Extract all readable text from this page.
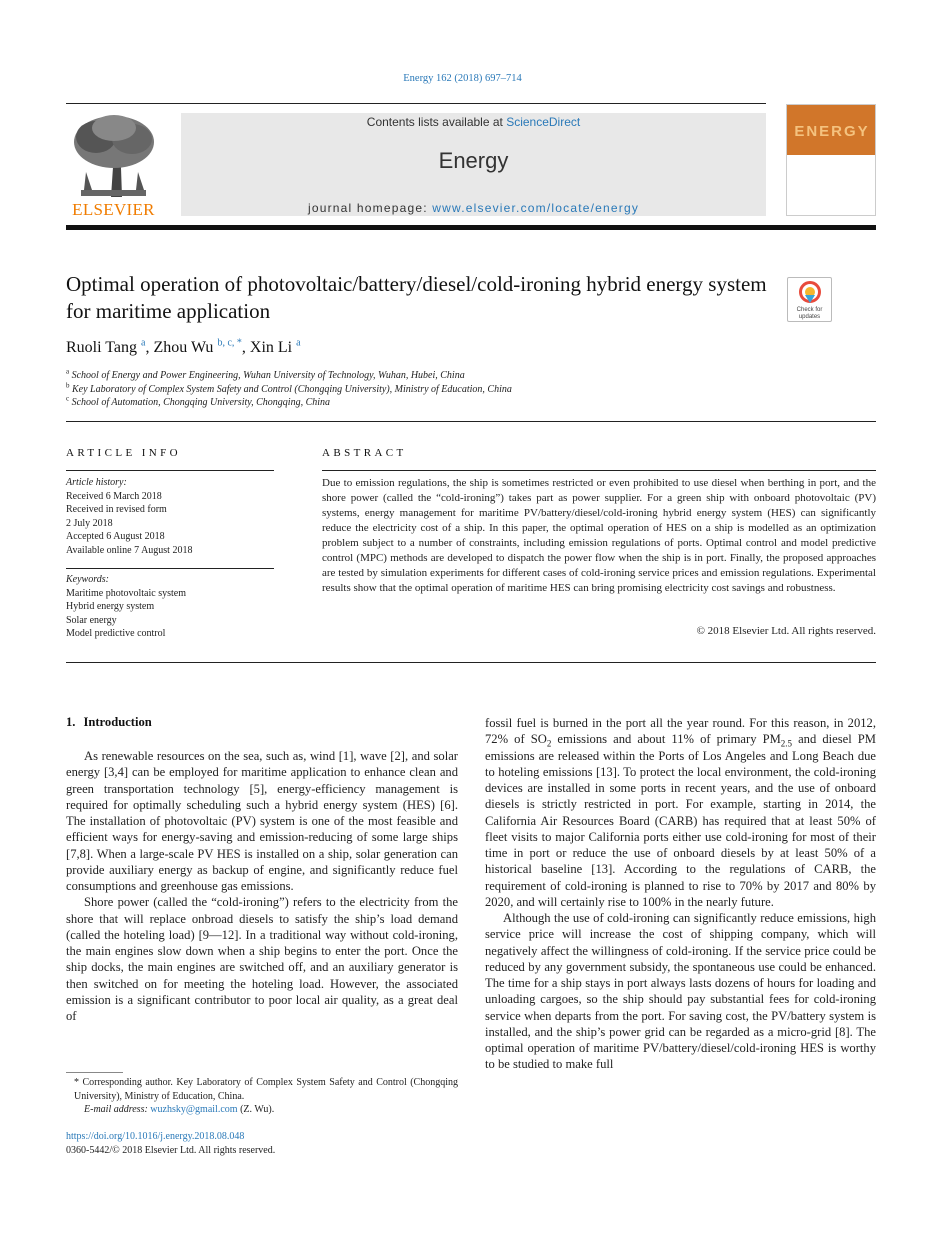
Energy 162 (2018) 697–714
ELSEVIER
Contents lists available at ScienceDirect
Energy
journal homepage: www.elsevier.com/locate/energy
ENERGY
Optimal operation of photovoltaic/battery/diesel/cold-ironing hybrid energy system for maritime application	Check for updates
Ruoli Tang $^a$, Zhou Wu $^{b, c, *}$, Xin Li $^a$
$^a$ School of Energy and Power Engineering, Wuhan University of Technology, Wuhan, Hubei, China
$^b$ Key Laboratory of Complex System Safety and Control (Chongqing University), Ministry of Education, China
$^c$ School of Automation, Chongqing University, Chongqing, China
ARTICLE INFO	ABSTRACT
Article history:
Received 6 March 2018
Received in revised form
2 July 2018
Accepted 6 August 2018
Available online 7 August 2018
Keywords:
Maritime photovoltaic system
Hybrid energy system
Solar energy
Model predictive control
Due to emission regulations, the ship is sometimes restricted or even prohibited to use diesel when berthing in port, and the shore power (called the “cold-ironing”) takes part as power supplier. For a green ship with onboard photovoltaic (PV) systems, energy management for maritime PV/battery/diesel/cold-ironing hybrid energy system (HES) can significantly reduce the electricity cost of a ship. In this paper, the optimal operation of HES on a ship is modelled as an optimization problem subject to a number of constraints, including emission regulations of ports. Optimal control and model predictive control (MPC) methods are developed to dispatch the power flow when the ship is in port. Finally, the proposed approaches are tested by simulation experiments for different cases of cold-ironing service prices and emission regulations. Experimental results show that the optimal operation of maritime HES can bring promising electricity cost savings and robustness.
© 2018 Elsevier Ltd. All rights reserved.
1. Introduction

As renewable resources on the sea, such as, wind [1], wave [2], and solar energy [3,4] can be employed for maritime application to enhance clean and green transportation technology [5], energy-efficiency management is required for optimally scheduling such a hybrid energy system (HES) [6]. The installation of photovoltaic (PV) system is one of the most feasible and efficient ways for energy-saving and emission-reducing of some large ships [7,8]. When a large-scale PV HES is installed on a ship, solar generation can provide auxiliary energy as backup of engine, and significantly reduce fuel consumptions and greenhouse gas emissions.

Shore power (called the “cold-ironing”) refers to the electricity from the shore that will replace onbroad diesels to satisfy the ship’s load demand (called the hoteling load) [9—12]. In a traditional way without cold-ironing, the main engines slow down when a ship begins to enter the port. Once the ship docks, the main engines are switched off, and an auxiliary generator is then switched on for meeting the hoteling load. However, the associated emission is a significant contributor to poor local air quality, as a great deal of

fossil fuel is burned in the port all the year round. For this reason, in 2012, 72% of $SO_2$ emissions and about 11% of primary $PM_{2.5}$ and diesel PM emissions are released within the Ports of Los Angeles and Long Beach due to hoteling emissions [13]. To protect the local environment, the cold-ironing devices are installed in some ports in recent years, and the use of onboard diesels is strictly restricted in port. For example, starting in 2014, the California Air Resources Board (CARB) has required that at least 50% of fleet visits to major California ports either use cold-ironing for most of their time in port or reduce the use of onboard diesels by at least 50% of a historical baseline [13]. According to the regulations of CARB, the requirement of cold-ironing is planned to rise to 70% by 2017 and 80% by 2020, and will certainly rise to 100% in the nearly future.

Although the use of cold-ironing can significantly reduce emissions, high service price will increase the cost of shipping company, which will negatively affect the willingness of cold-ironing. If the service price could be reduced by any government subsidy, the spontaneous use could be enhanced. The time for a ship stays in port always lasts dozens of hours for loading and unloading cargoes, so the ship should pay substantial fees for cold-ironing service when departs from the port. For saving cost, the PV/battery system is installed, and the ship’s power grid can be regarded as a micro-grid [8]. The optimal operation of maritime PV/battery/diesel/cold-ironing HES is worthy to be studied to make full

* Corresponding author. Key Laboratory of Complex System Safety and Control (Chongqing University), Ministry of Education, China.
E-mail address: wuzhsky@gmail.com (Z. Wu).
https://doi.org/10.1016/j.energy.2018.08.048
0360-5442/© 2018 Elsevier Ltd. All rights reserved.
